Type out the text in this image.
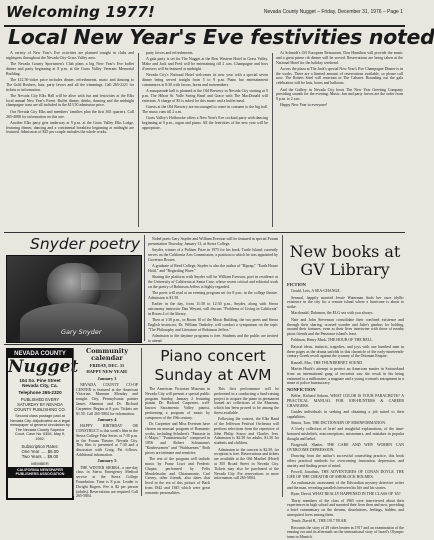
Welcoming 1977!	Nevada County Nugget – Friday, December 31, 1976 – Page 1
Local New Year's Eve festivities noted

A variety of New Year's Eve activities are planned tonight in clubs and nightspots throughout the Nevada City-Grass Valley area.

The Nevada County Sportsmen's Club plans a big New Year's Eve buffet dinner and party beginning at 8 p.m. at the Grass Valley Veterans Memorial Building.

The £12.50-ticket price includes dinner, refreshments, music and dancing to The Gold Rushers, hats, party favors and all the trimmings. Call 265-2221 for tickets or information.

The Nevada City Elks Hall will be alive with fun and festivities at the Elks local annual New Year's Event. Buffet dinner, drinks, dancing and the midnight champagne toast are all included in the $13.50 admission price.

Our Nevada City Elks and members' families plan the first 365 quarters. Call 265-4088 for information on this one.

Another Elks party gets underway at 9 p.m. at the Grass Valley Elks Lodge, featuring dinner, dancing and a continental breakfast beginning at midnight are featured. Admission of $25 per couple includes the whole works.

party favors and refreshments.

A gala party is set for The Nugget at the Best Western Hotel in Grass Valley. Make and Jack and Fred will be entertaining till 2 a.m. Champagne and hors d'oeuvres will be featured at midnight.

Nevada City's National Hotel welcomes its new year with a special seven dinner being served tonight from 5 to 9 p.m. Piano bar entertainment commences at 8:30 with favors, horns and noisemakers.

A masquerade ball is planned at the Old Brewery in Nevada City starting at 9 p.m. The Hihon St. Valle Swing Band and Grace with The MacDonald will entertain. A charge of $5 is asked for this music and a buffet meal.

Guests at the Old Brewery are encouraged to come in costume to the big ball. The music runs till 2 a.m.

Grass Valley's Holbrooke offers a New Year's Eve cocktail party with dancing beginning at 9 p.m., organ and piano. All the festivities of the new year will be appropriate.

At Schmidt's Off European Restaurant, Don Hamilton will provide the music and a great prime rib dinner will be served. Reservations are being taken at the National Hotel for the holiday weekend.

Across the plaza at The Jack's special New Year's Eve Champagne Dinner is in the works. There are a limited amount of reservations available, so please call now. The Robert Steel will entertain in The Cabaret. Rounding out the gala celebration will be hats, horns and balloons.

And the Gallery in Nevada City hosts The New Year Greeting Company providing sounds for the evening. Music, fun and party favors are the order from 9 p.m. to 2 a.m.

Happy New Year to everyone!

Snyder poetry
Gary Snyder

Nobel poets Gary Snyder and William Everson will be featured in special Forum presentation Thursday, January 13, at Sierra College.

Snyder, winner of a Pulitzer Prize in 1975 for his book, Turtle Island, currently serves on the California Arts Commission, a position to which he was appointed by Governor Brown.

A graduate of Reed College, Snyder is also the author of "Riprap," "Earth House Hold," and "Regarding Wave."

Sharing the platform with Snyder will be William Everson, poet in residence at the University of California at Santa Cruz, whose recent critical and editorial work on the poetry of Robinson Jeffers is highly regarded.

The poets will read at an evening program set for 8 p.m. in the college theatre. Admission is $1.50.

Earlier in the day, from 11:30 to 12:30 p.m., Snyder, along with Sierra astronomy instructor Dan Weyant, will discuss "Problems of Living in California" in Room 4 of the library.

Then at 1:30 p.m., in Room 10 of the Music Building, the two poets and Sierra English instructor, Dr. William Tanksley, will conduct a symposium on the topic "The Philosophy and Literature of Robinson Jeffers."

Admission to the daytime programs is free. Students and the public are invited to attend.

New books at
GV Library

FICTION

Gould, Lois, A SEA-CHANGE.

Sensual, happily married Jessie Waterman finds her once idyllic existence in the city for a remote island where a hurricane is about to strike.

Macdonald, Dalomon, the ELG sea with you always.

Nate and John Stevenson consolidate their confined existence and through their sharing, crossed wonder and Julie's gimbus for holding, around their fortunes, even as their lives intertwine with those of nearby pious friends and the Penzance island's feast.

Pohlman, Henry Mark, THE HOUR OF THE BELL.

Basical ideas, instincts, tragedies, and joys with one hundred men in these pages as the drama unfolds in this chronicle of the early-nineteenth-century Greek revolt against the tyranny of the Ottoman Empire.

Russell, Mac, THE THUNDERNET SOUND.

Martin Hawk's attempt to protect an American master in Switzerland from an international gang of terrorists saw the result in his being entrusted to a millionaire, a magnate and a young woman's entrapment in a maze of police bureaucracy.

NONFICTION

Belfer, Richard Sabom, WHAT COLOR IS YOUR PARACHUTE? A PRACTICAL MANUAL FOR JOB-HUNTERS & CAREER CHANGERS.

Guides individuals in seeking and obtaining a job suited to their capabilities.

Simon, Tom, THE DICTIONARY OF MISINFORMATION.

A lively collection of brief and insightful explanations, of the time-honored misbeliefs, misconceptions, misnomers, and mistakes in popular thought and belief.

Fitzgerald, Shatter, THE CARE AND WHY WOMEN CAN OVERCOME DEPRESSION.

Drawing from the author's successful counseling practice, this book offers practical methods for overcoming frustration, depression, and anxiety and finding peace of mind.

Powell, Jonathan, THE ADVENTURES OF CONAN DOYLE. THE LIFE OF THE CREATOR OF SHERLOCK HOLMES.

An enthusiastic assessment of the Edwardian mystery detective writer and the man, revealing parallels between his life and his stories.

Ryan, David, WHAT REALLY HAPPENED IN THE CLASS OF '65?

Thirty members of the class of 1965 were interviewed about their experiences in high school and narrated their lives then and now, providing a brief commentary on the dreams, dissolutions, feelings, hidden, and unrequited loves among them.

Tench, David B., THE 1917 YEAR.

Recounts the story of 29 cities beaten in 1917 and an examination of the ensuing era and its aftermath on the international story of Israel's Olympic team in Munich.

NEVADA COUNTY
Nugget
104 So. Pine Street
Nevada City, Ca.
Telephone 265-2320
PUBLISHED EVERY SATURDAY BY NEVADA COUNTY PUBLISHING CO.
Second class postage paid at Nevada City. Adjudicated as a legal newspaper of general circulation by The Nevada County Superior Court, Case No. 6354, May 9, 1952.
Subscription Rates:
One Year ..... $6.00
Two Years ... $9.00
MEMBER
CALIFORNIA NEWSPAPER PUBLISHERS ASSOCIATION
Community calendar

FRIDAY, DEC. 31

HAPPY NEW YEAR!

January 3

NEVADA COUNTY CO-OP CENTER is featured at the American Victorian Museum Monday and tonight. City, Pennsylvania painter James Shannon and Dr. Richard Carpenter. Begins at 8 p.m. Tickets are $1.50. Call 265-5804 for information.

January 4

HAPPY BIRTHDAY OR CONSTRUCT is this week's film in the Sierra College Film Series at 7:30 p.m. in the Forum Theatre. Nevada City. This film is presented at 7:30 and a discussion with Craig, Pat follows. Additional information.

January 5

THE WINTER SIERRA, a one-day class in Sierra Emergency Medical service at the Sierra College Foundation. Time is 8 p.m. Leader is Dwight Rogers. Fee is $2 per person (adults). Reservations are required. Call 265-5804.

Piano concert
Sunday at AVM

The American Victorian Museum in Nevada City will present a special public program Sunday, January 2 featuring pianist Dr. Richard Carpenter, well-known Sacramento Valley pianist, performing a program of music by composers of the 19th century.

Dr. Carpenter and Miss Evertsen have chosen an unusual program of Romantic works, including Schubert's "Fantasie in C-Major," "Fantasiestucke" composed in 1856 and Robert Schumann's "Kinderszenen" and "Waldszenen." Both pieces are intimate and sensitive.

The rest of the program will include music by Franz Liszt and Frederic Chopin, performed by Felix Mendelssohn and Chiaramonte, Carl Czerny, other friends, also dates that lived in the era of this picture of Bach from 1842 and 1845 which were great romantic personalities.

This first performance will be performed in a conducting a fund-raising project to acquire the piano in permanent loaned art collections of the Museum, which has been proved to be among the finest available.

Following the concert, the Elks Band of the Jefferson Festival Orchestra will perform selections from the repertoire of John Philip Sousa and Charles Ives. Admission is $2.50 for adults, $1.50 for students and children.

Admission to the concert is $2.50, for reception is free. Reservations and tickets are available at the Old Maribel (Hotel) at 305 Broad Street in Nevada City. Tickets may also be purchased at the Nevada City. For reservations or more information call 265-5804.
